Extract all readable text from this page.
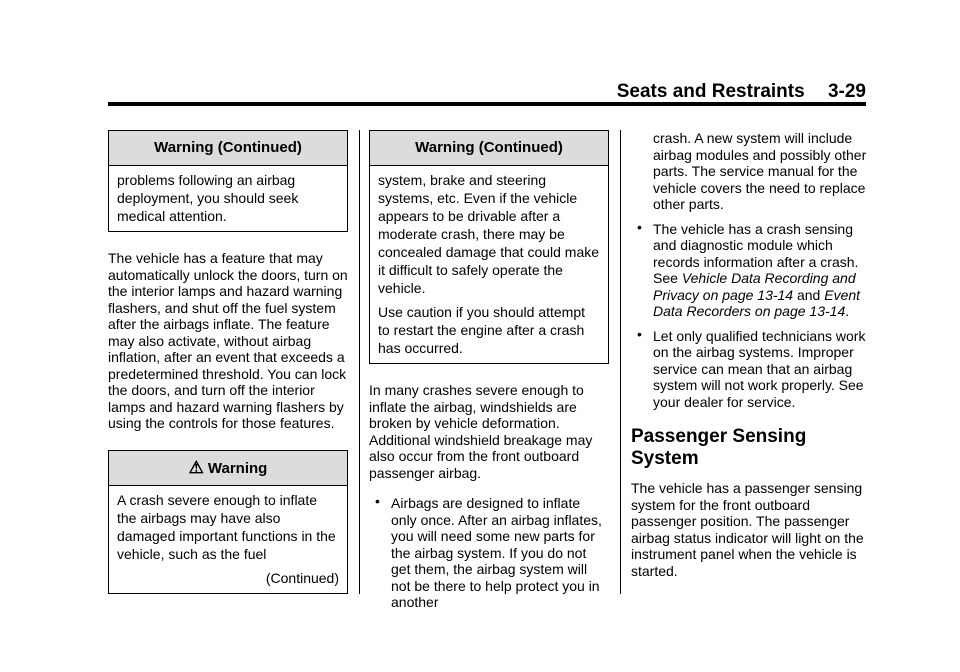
Seats and Restraints 3-29
Warning (Continued)

problems following an airbag deployment, you should seek medical attention.

The vehicle has a feature that may automatically unlock the doors, turn on the interior lamps and hazard warning flashers, and shut off the fuel system after the airbags inflate. The feature may also activate, without airbag inflation, after an event that exceeds a predetermined threshold. You can lock the doors, and turn off the interior lamps and hazard warning flashers by using the controls for those features.

⚠ Warning

A crash severe enough to inflate the airbags may have also damaged important functions in the vehicle, such as the fuel

(Continued)

Warning (Continued)

system, brake and steering systems, etc. Even if the vehicle appears to be drivable after a moderate crash, there may be concealed damage that could make it difficult to safely operate the vehicle.

Use caution if you should attempt to restart the engine after a crash has occurred.

In many crashes severe enough to inflate the airbag, windshields are broken by vehicle deformation. Additional windshield breakage may also occur from the front outboard passenger airbag.

• Airbags are designed to inflate only once. After an airbag inflates, you will need some new parts for the airbag system. If you do not get them, the airbag system will not be there to help protect you in another
crash. A new system will include airbag modules and possibly other parts. The service manual for the vehicle covers the need to replace other parts.
• The vehicle has a crash sensing and diagnostic module which records information after a crash. See Vehicle Data Recording and Privacy on page 13-14 and Event Data Recorders on page 13-14.
• Let only qualified technicians work on the airbag systems. Improper service can mean that an airbag system will not work properly. See your dealer for service.
Passenger Sensing System

The vehicle has a passenger sensing system for the front outboard passenger position. The passenger airbag status indicator will light on the instrument panel when the vehicle is started.
